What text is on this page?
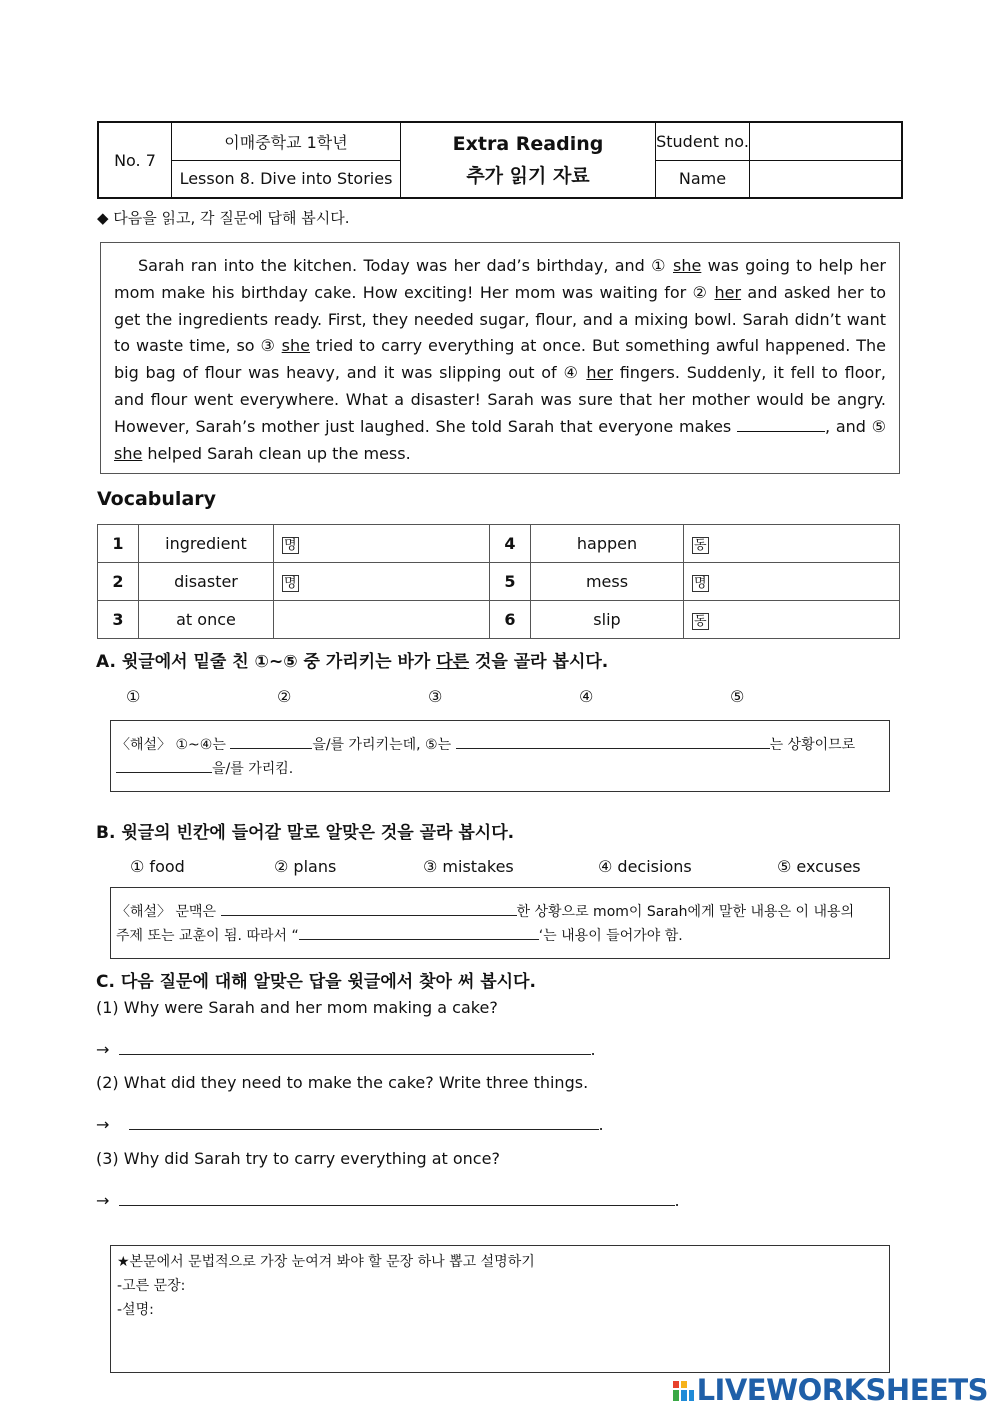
No. 7	이매중학교 1학년	Extra Reading
추가 읽기 자료	Student no.	
	Lesson 8. Dive into Stories		Name	
◆ 다음을 읽고, 각 질문에 답해 봅시다.

Sarah ran into the kitchen. Today was her dad’s birthday, and ① she was going to help her mom make his birthday cake. How exciting! Her mom was waiting for ② her and asked her to get the ingredients ready. First, they needed sugar, flour, and a mixing bowl. Sarah didn’t want to waste time, so ③ she tried to carry everything at once. But something awful happened. The big bag of flour was heavy, and it was slipping out of ④ her fingers. Suddenly, it fell to floor, and flour went everywhere. What a disaster! Sarah was sure that her mother would be angry. However, Sarah’s mother just laughed. She told Sarah that everyone makes	, and ⑤ she helped Sarah clean up the mess.

Vocabulary
1	ingredient	명	4	happen	동
2	disaster	명	5	mess	명
3	at once		6	slip	동
A. 윗글에서 밑줄 친 ①~⑤ 중 가리키는 바가 다른 것을 골라 봅시다.
①	②	③	④	⑤
〈해설〉 ①~④는	을/를 가리키는데, ⑤는	는 상황이므로
을/를 가리킴.
B. 윗글의 빈칸에 들어갈 말로 알맞은 것을 골라 봅시다.
① food	② plans	③ mistakes	④ decisions	⑤ excuses
〈해설〉 문맥은	한 상황으로 mom이 Sarah에게 말한 내용은 이 내용의
주제 또는 교훈이 됨. 따라서 “	‘는 내용이 들어가야 함.
C. 다음 질문에 대해 알맞은 답을 윗글에서 찾아 써 봅시다.
(1) Why were Sarah and her mom making a cake?
→	.
(2) What did they need to make the cake? Write three things.
→	.
(3) Why did Sarah try to carry everything at once?
→	.
★본문에서 문법적으로 가장 눈여겨 봐야 할 문장 하나 뽑고 설명하기
-고른 문장:
-설명:
LIVEWORKSHEETS
